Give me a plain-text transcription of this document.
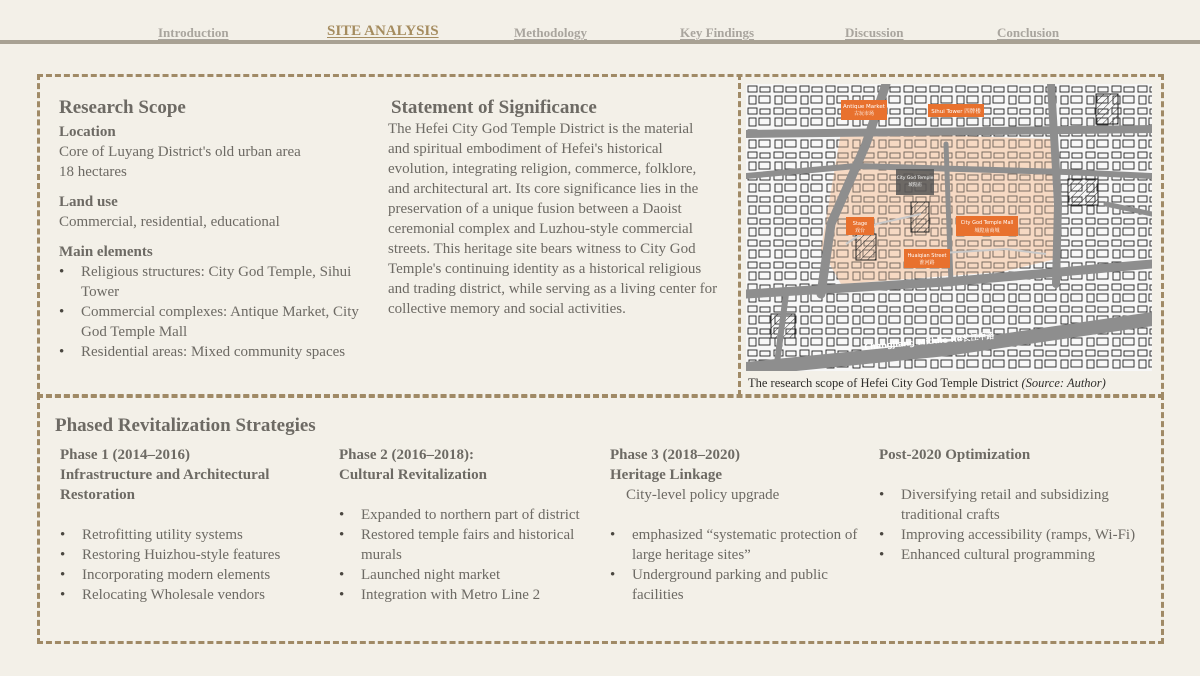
Introduction	SITE ANALYSIS	Methodology	Key Findings	Discussion	Conclusion
Research Scope

Location

Core of Luyang District's old urban area

18 hectares

Land use

Commercial, residential, educational

Main elements

• Religious structures: City God Temple, Sihui Tower
• Commercial complexes: Antique Market, City God Temple Mall
• Residential areas: Mixed community spaces
Statement of Significance

The Hefei City God Temple District is the material and spiritual embodiment of Hefei's historical evolution, integrating religion, commerce, folklore, and architectural art. Its core significance lies in the preservation of a unique fusion between a Daoist ceremonial complex and Luzhou-style commercial streets. This heritage site bears witness to City God Temple's continuing identity as a historical religious and trading district, while serving as a living center for collective memory and social activities.

Antique Market
古玩市场	Sihui Tower 四牌楼
City God Temple
城隍庙
Stage
戏台
City God Temple Mall
城隍庙商城
Huaiqian Street
淮河路
Changjiang Middle Rd长江中路
The research scope of Hefei City God Temple District (Source: Author)
Phased Revitalization Strategies

Phase 1 (2014–2016)

Infrastructure and Architectural

Restoration

• Retrofitting utility systems
• Restoring Huizhou-style features
• Incorporating modern elements
• Relocating Wholesale vendors

Phase 2 (2016–2018):

Cultural Revitalization

• Expanded to northern part of district
• Restored temple fairs and historical murals
• Launched night market
• Integration with Metro Line 2

Phase 3 (2018–2020)

Heritage Linkage

City-level policy upgrade

• emphasized “systematic protection of large heritage sites”
• Underground parking and public facilities

Post-2020 Optimization

• Diversifying retail and subsidizing traditional crafts
• Improving accessibility (ramps, Wi-Fi)
• Enhanced cultural programming
